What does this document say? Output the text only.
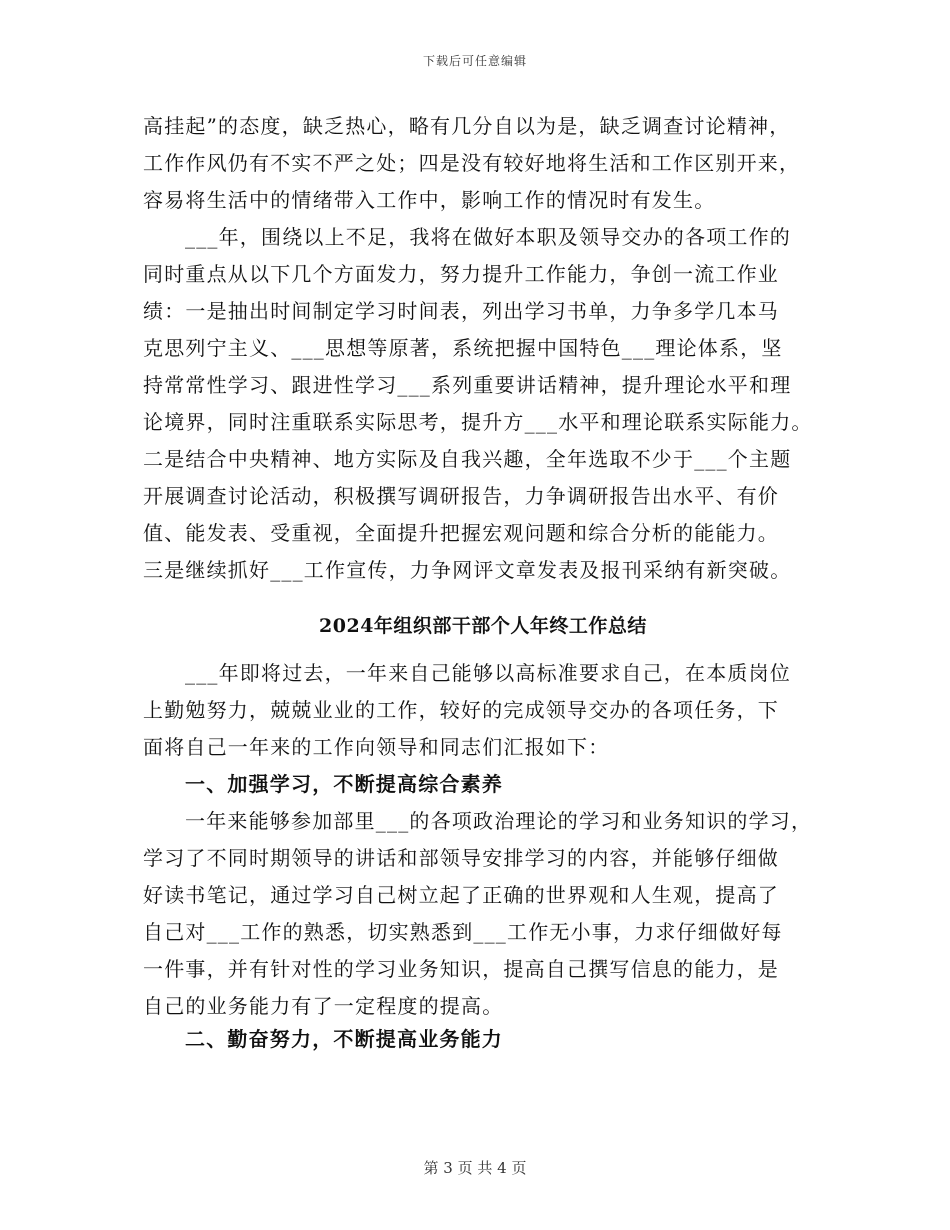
下载后可任意编辑
高挂起”的态度，缺乏热心，略有几分自以为是，缺乏调查讨论精神，
工作作风仍有不实不严之处；四是没有较好地将生活和工作区别开来，
容易将生活中的情绪带入工作中，影响工作的情况时有发生。
___年，围绕以上不足，我将在做好本职及领导交办的各项工作的
同时重点从以下几个方面发力，努力提升工作能力，争创一流工作业
绩：一是抽出时间制定学习时间表，列出学习书单，力争多学几本马
克思列宁主义、___思想等原著，系统把握中国特色___理论体系，坚
持常常性学习、跟进性学习___系列重要讲话精神，提升理论水平和理
论境界，同时注重联系实际思考，提升方___水平和理论联系实际能力。
二是结合中央精神、地方实际及自我兴趣，全年选取不少于___个主题
开展调查讨论活动，积极撰写调研报告，力争调研报告出水平、有价
值、能发表、受重视，全面提升把握宏观问题和综合分析的能能力。
三是继续抓好___工作宣传，力争网评文章发表及报刊采纳有新突破。
2024年组织部干部个人年终工作总结
___年即将过去，一年来自己能够以高标准要求自己，在本质岗位
上勤勉努力，兢兢业业的工作，较好的完成领导交办的各项任务，下
面将自己一年来的工作向领导和同志们汇报如下：
一、加强学习，不断提高综合素养
一年来能够参加部里___的各项政治理论的学习和业务知识的学习，
学习了不同时期领导的讲话和部领导安排学习的内容，并能够仔细做
好读书笔记，通过学习自己树立起了正确的世界观和人生观，提高了
自己对___工作的熟悉，切实熟悉到___工作无小事，力求仔细做好每
一件事，并有针对性的学习业务知识，提高自己撰写信息的能力，是
自己的业务能力有了一定程度的提高。
二、勤奋努力，不断提高业务能力
第 3 页 共 4 页
